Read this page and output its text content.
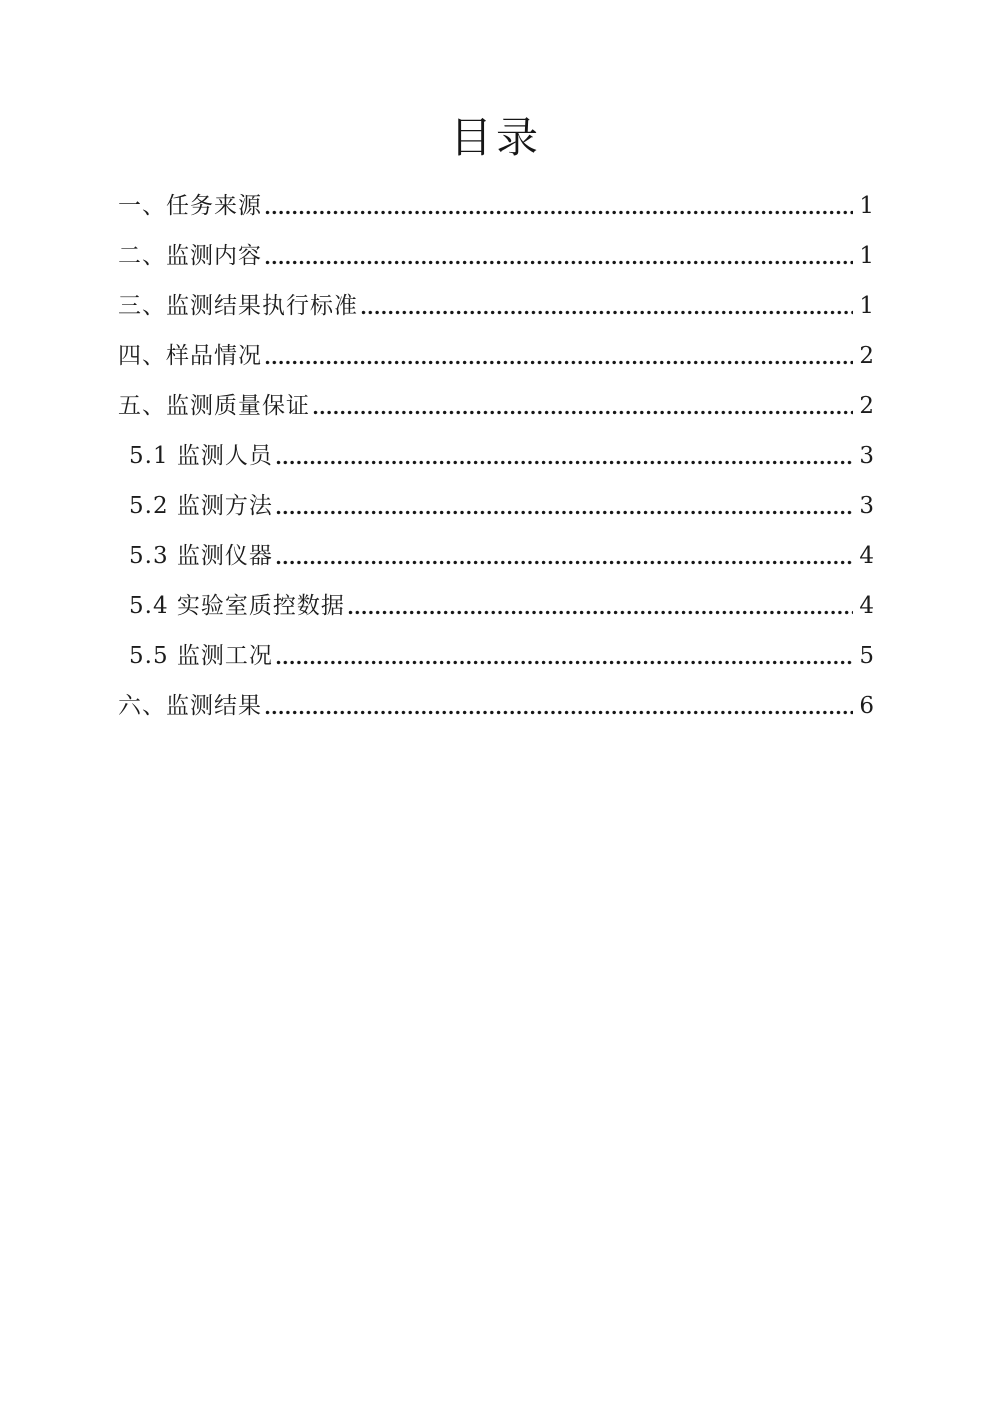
目录
一、任务来源	1
二、监测内容	1
三、监测结果执行标准	1
四、样品情况	2
五、监测质量保证	2
5.1 监测人员	3
5.2 监测方法	3
5.3 监测仪器	4
5.4 实验室质控数据	4
5.5 监测工况	5
六、监测结果	6
